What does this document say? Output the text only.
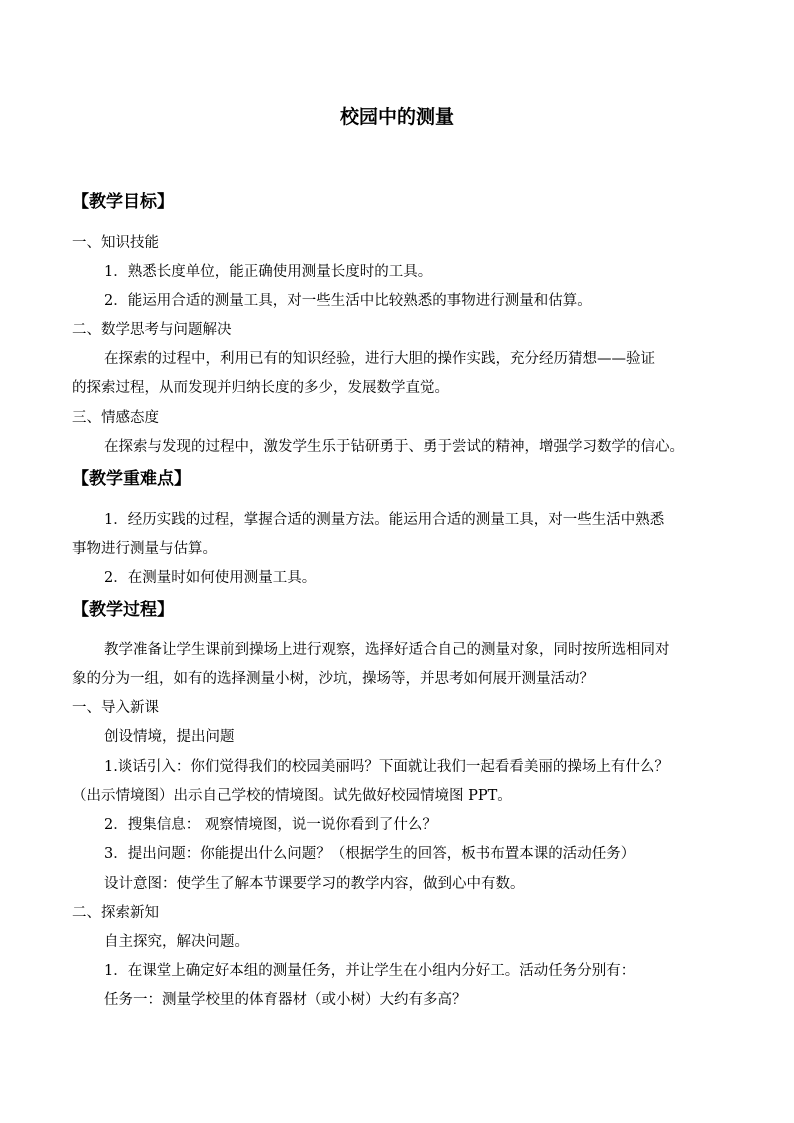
校园中的测量
【教学目标】
一、知识技能
1．熟悉长度单位，能正确使用测量长度时的工具。
2．能运用合适的测量工具，对一些生活中比较熟悉的事物进行测量和估算。
二、数学思考与问题解决
在探索的过程中，利用已有的知识经验，进行大胆的操作实践，充分经历猜想——验证
的探索过程，从而发现并归纳长度的多少，发展数学直觉。
三、情感态度
在探索与发现的过程中，激发学生乐于钻研勇于、勇于尝试的精神，增强学习数学的信心。
【教学重难点】
1．经历实践的过程，掌握合适的测量方法。能运用合适的测量工具，对一些生活中熟悉
事物进行测量与估算。
2．在测量时如何使用测量工具。
【教学过程】
教学准备让学生课前到操场上进行观察，选择好适合自己的测量对象，同时按所选相同对
象的分为一组，如有的选择测量小树，沙坑，操场等，并思考如何展开测量活动？
一、导入新课
创设情境，提出问题
1.谈话引入：你们觉得我们的校园美丽吗？下面就让我们一起看看美丽的操场上有什么？
（出示情境图）出示自己学校的情境图。试先做好校园情境图 PPT。
2．搜集信息： 观察情境图，说一说你看到了什么？
3．提出问题：你能提出什么问题？（根据学生的回答，板书布置本课的活动任务）
设计意图：使学生了解本节课要学习的教学内容，做到心中有数。
二、探索新知
自主探究，解决问题。
1．在课堂上确定好本组的测量任务，并让学生在小组内分好工。活动任务分别有：
任务一：测量学校里的体育器材（或小树）大约有多高？
